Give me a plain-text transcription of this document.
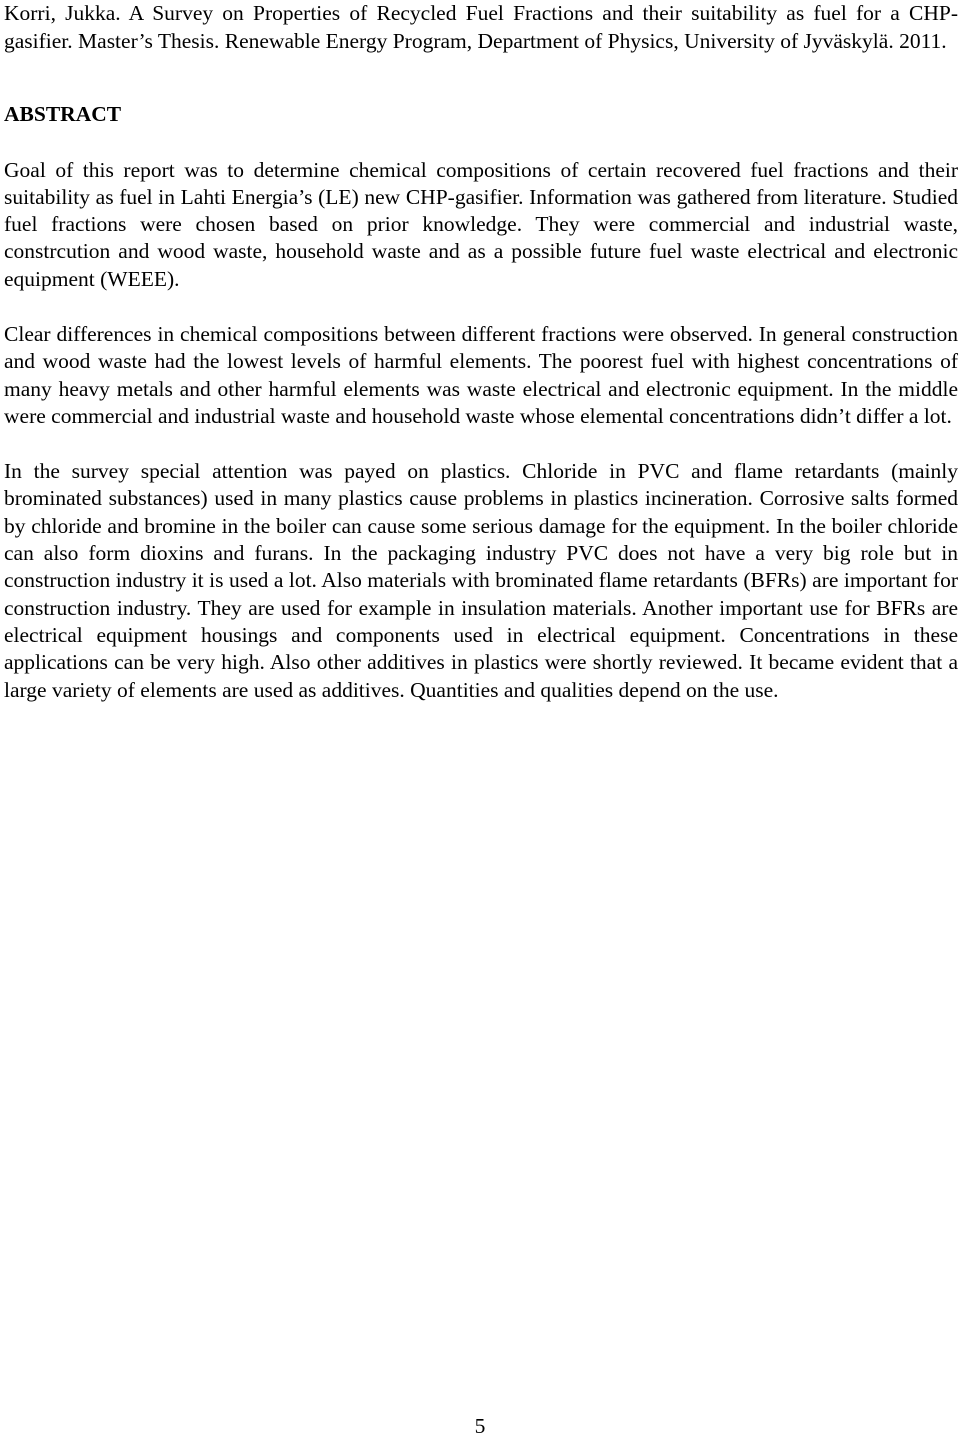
Korri, Jukka. A Survey on Properties of Recycled Fuel Fractions and their suitability as fuel for a CHP-gasifier. Master’s Thesis. Renewable Energy Program, Department of Physics, University of Jyväskylä. 2011.

ABSTRACT

Goal of this report was to determine chemical compositions of certain recovered fuel fractions and their suitability as fuel in Lahti Energia’s (LE) new CHP-gasifier. Information was gathered from literature. Studied fuel fractions were chosen based on prior knowledge. They were commercial and industrial waste, constrcution and wood waste, household waste and as a possible future fuel waste electrical and electronic equipment (WEEE).

Clear differences in chemical compositions between different fractions were observed. In general construction and wood waste had the lowest levels of harmful elements. The poorest fuel with highest concentrations of many heavy metals and other harmful elements was waste electrical and electronic equipment. In the middle were commercial and industrial waste and household waste whose elemental concentrations didn’t differ a lot.

In the survey special attention was payed on plastics. Chloride in PVC and flame retardants (mainly brominated substances) used in many plastics cause problems in plastics incineration. Corrosive salts formed by chloride and bromine in the boiler can cause some serious damage for the equipment. In the boiler chloride can also form dioxins and furans. In the packaging industry PVC does not have a very big role but in construction industry it is used a lot. Also materials with brominated flame retardants (BFRs) are important for construction industry. They are used for example in insulation materials. Another important use for BFRs are electrical equipment housings and components used in electrical equipment. Concentrations in these applications can be very high. Also other additives in plastics were shortly reviewed. It became evident that a large variety of elements are used as additives. Quantities and qualities depend on the use.

5
